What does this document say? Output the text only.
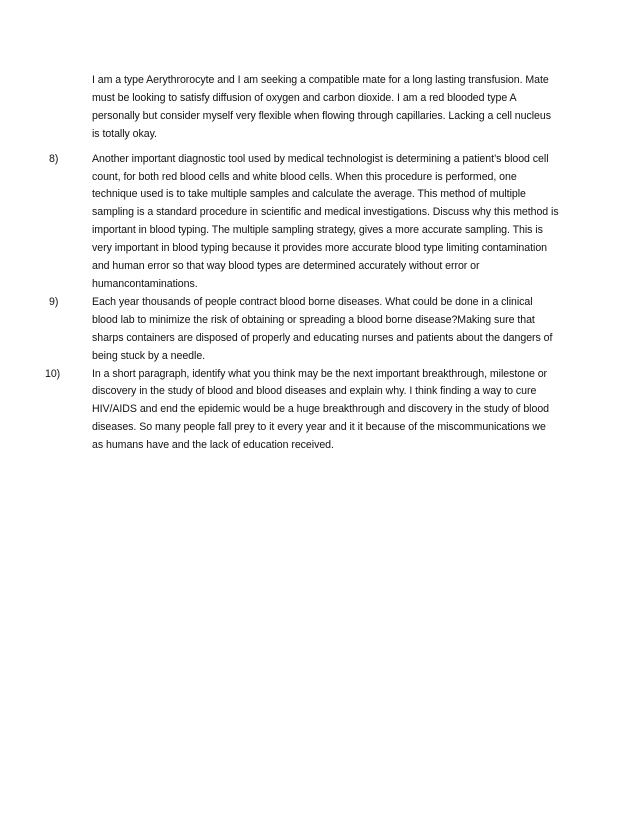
I am a type Aerythrorocyte and I am seeking a compatible mate for a long lasting transfusion. Mate
must be looking to satisfy diffusion of oxygen and carbon dioxide. I am a red blooded type A
personally but consider myself very flexible when flowing through capillaries. Lacking a cell nucleus
is totally okay.
8)	Another important diagnostic tool used by medical technologist is determining a patient’s blood cell
count, for both red blood cells and white blood cells. When this procedure is performed, one
technique used is to take multiple samples and calculate the average. This method of multiple
sampling is a standard procedure in scientific and medical investigations. Discuss why this method is
important in blood typing. The multiple sampling strategy, gives a more accurate sampling. This is
very important in blood typing because it provides more accurate blood type limiting contamination
and human error so that way blood types are determined accurately without error or
humancontaminations.
9)	Each year thousands of people contract blood borne diseases. What could be done in a clinical
blood lab to minimize the risk of obtaining or spreading a blood borne disease?Making sure that
sharps containers are disposed of properly and educating nurses and patients about the dangers of
being stuck by a needle.
10)	In a short paragraph, identify what you think may be the next important breakthrough, milestone or
discovery in the study of blood and blood diseases and explain why. I think finding a way to cure
HIV/AIDS and end the epidemic would be a huge breakthrough and discovery in the study of blood
diseases. So many people fall prey to it every year and it it because of the miscommunications we
as humans have and the lack of education received.
